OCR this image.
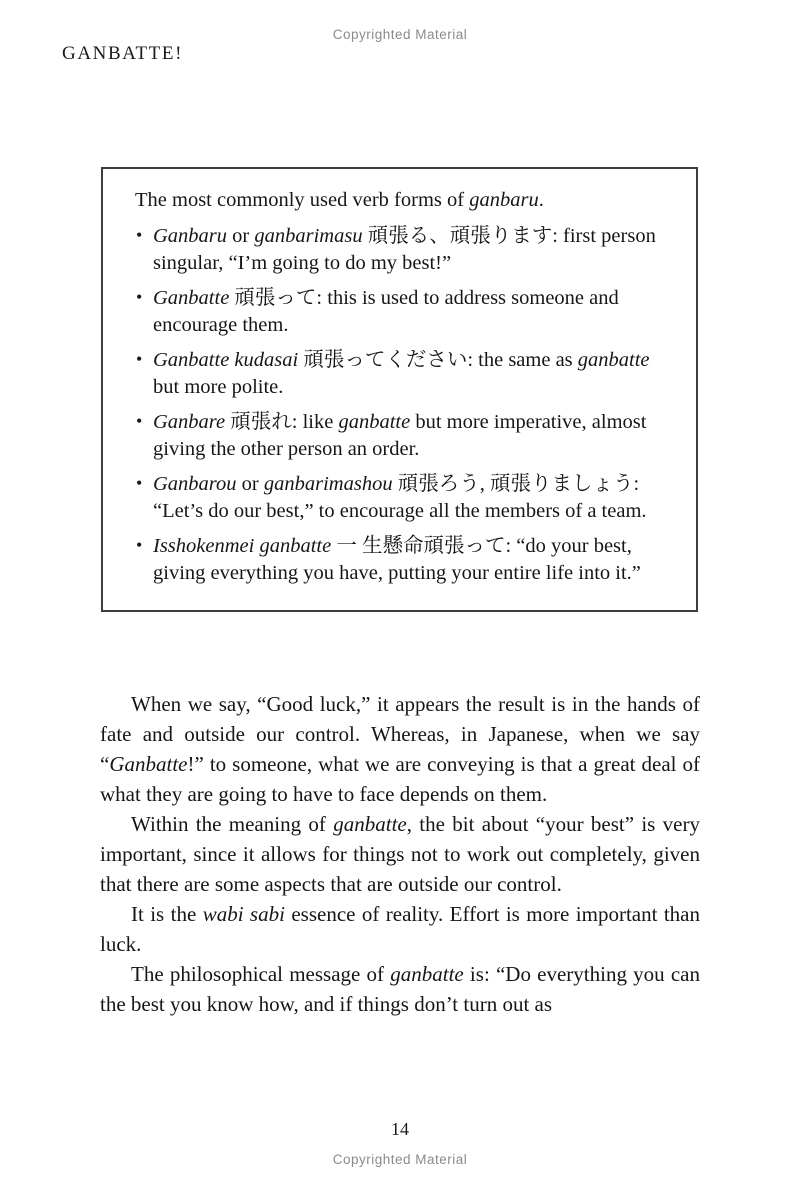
Copyrighted Material
GANBATTE!

The most commonly used verb forms of ganbaru.

• Ganbaru or ganbarimasu 頑張る、頑張ります: first person singular, “I’m going to do my best!”
• Ganbatte 頑張って: this is used to address someone and encourage them.
• Ganbatte kudasai 頑張ってください: the same as ganbatte but more polite.
• Ganbare 頑張れ: like ganbatte but more imperative, almost giving the other person an order.
• Ganbarou or ganbarimashou 頑張ろう, 頑張りましょう: “Let’s do our best,” to encourage all the members of a team.
• Isshokenmei ganbatte 一 生懸命頑張って: “do your best, giving everything you have, putting your entire life into it.”

When we say, “Good luck,” it appears the result is in the hands of fate and outside our control. Whereas, in Japanese, when we say “Ganbatte!” to someone, what we are conveying is that a great deal of what they are going to have to face depends on them.

Within the meaning of ganbatte, the bit about “your best” is very important, since it allows for things not to work out completely, given that there are some aspects that are outside our control.

It is the wabi sabi essence of reality. Effort is more important than luck.

The philosophical message of ganbatte is: “Do everything you can the best you know how, and if things don’t turn out as

14
Copyrighted Material
